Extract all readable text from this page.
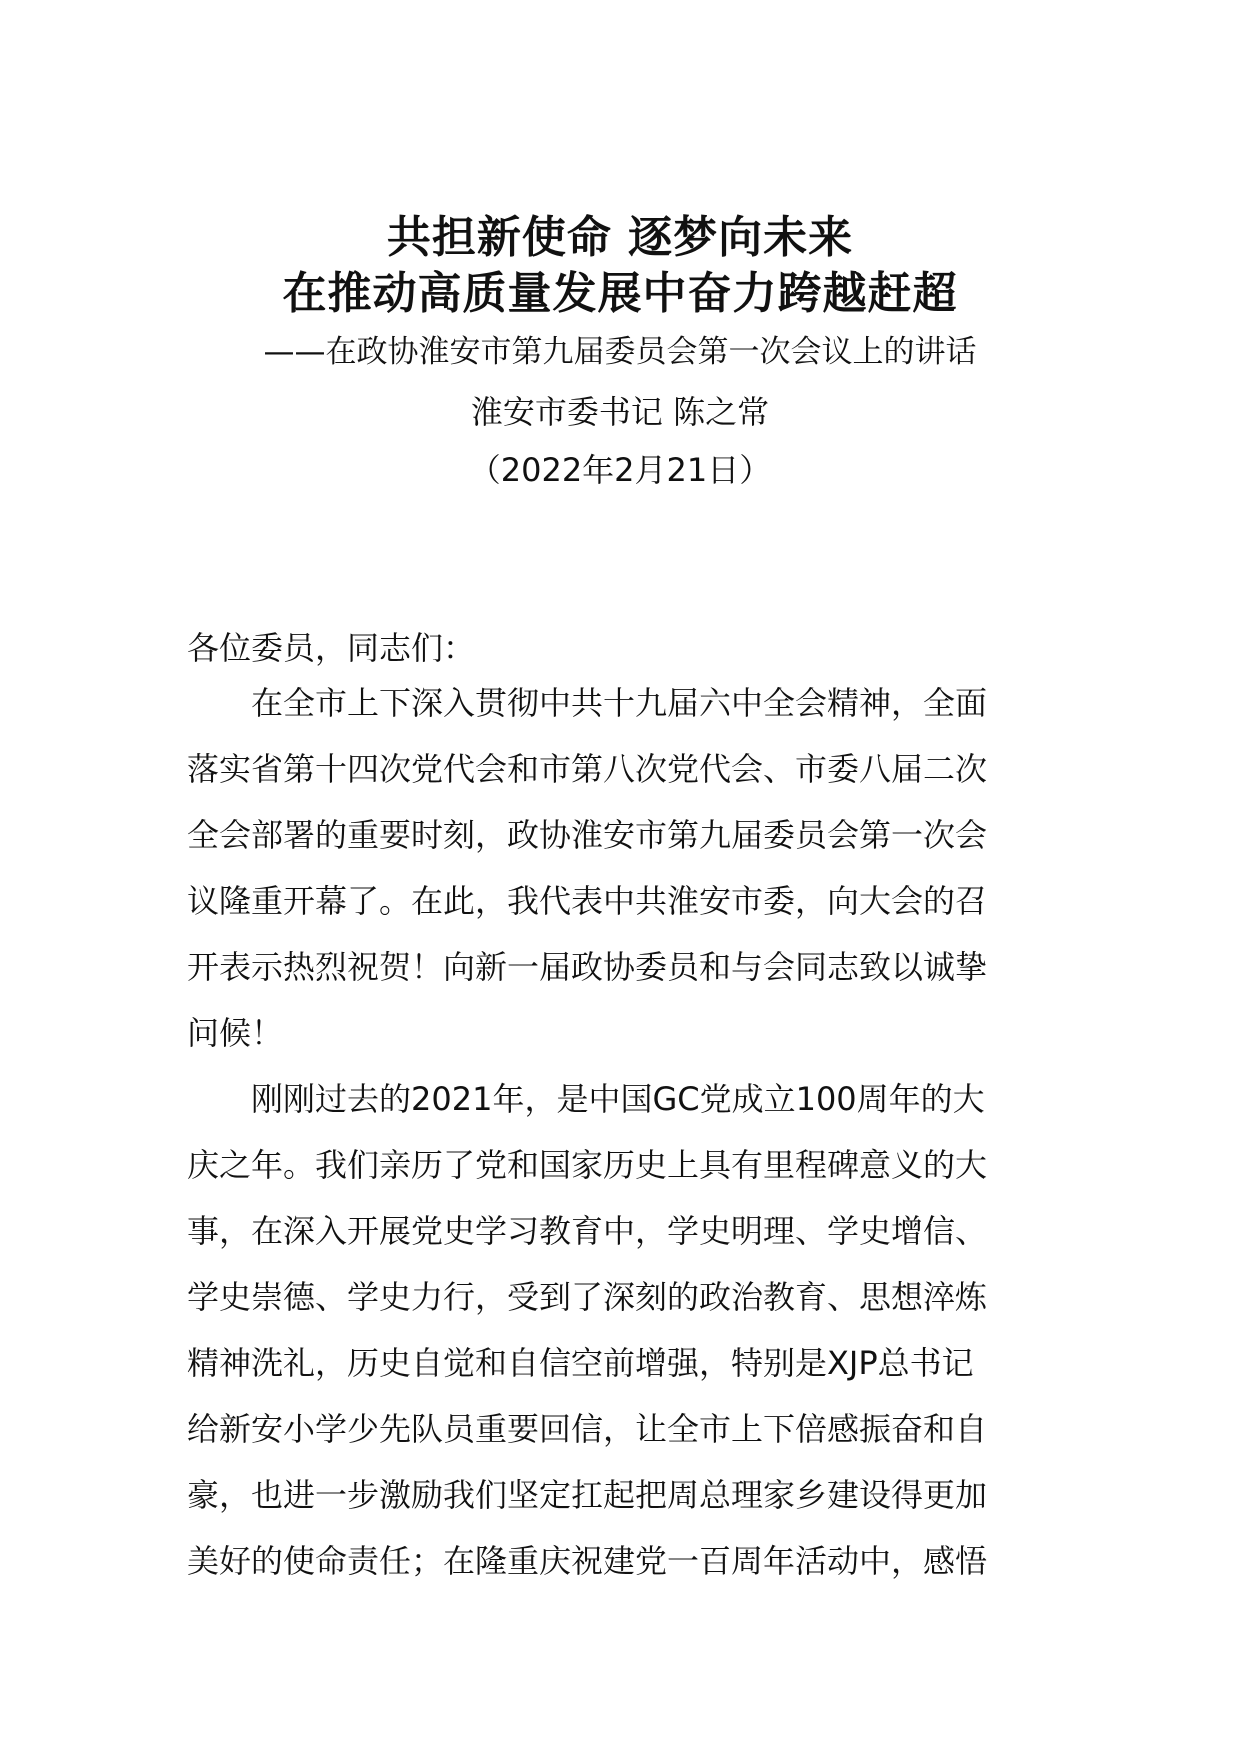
共担新使命 逐梦向未来
在推动高质量发展中奋力跨越赶超
——在政协淮安市第九届委员会第一次会议上的讲话
淮安市委书记 陈之常
（2022年2月21日）
各位委员，同志们：
在全市上下深入贯彻中共十九届六中全会精神，全面
落实省第十四次党代会和市第八次党代会、市委八届二次
全会部署的重要时刻，政协淮安市第九届委员会第一次会
议隆重开幕了。在此，我代表中共淮安市委，向大会的召
开表示热烈祝贺！向新一届政协委员和与会同志致以诚挚
问候！
刚刚过去的2021年，是中国GC党成立100周年的大
庆之年。我们亲历了党和国家历史上具有里程碑意义的大
事，在深入开展党史学习教育中，学史明理、学史增信、
学史崇德、学史力行，受到了深刻的政治教育、思想淬炼
精神洗礼，历史自觉和自信空前增强，特别是XJP总书记
给新安小学少先队员重要回信，让全市上下倍感振奋和自
豪，也进一步激励我们坚定扛起把周总理家乡建设得更加
美好的使命责任；在隆重庆祝建党一百周年活动中，感悟
